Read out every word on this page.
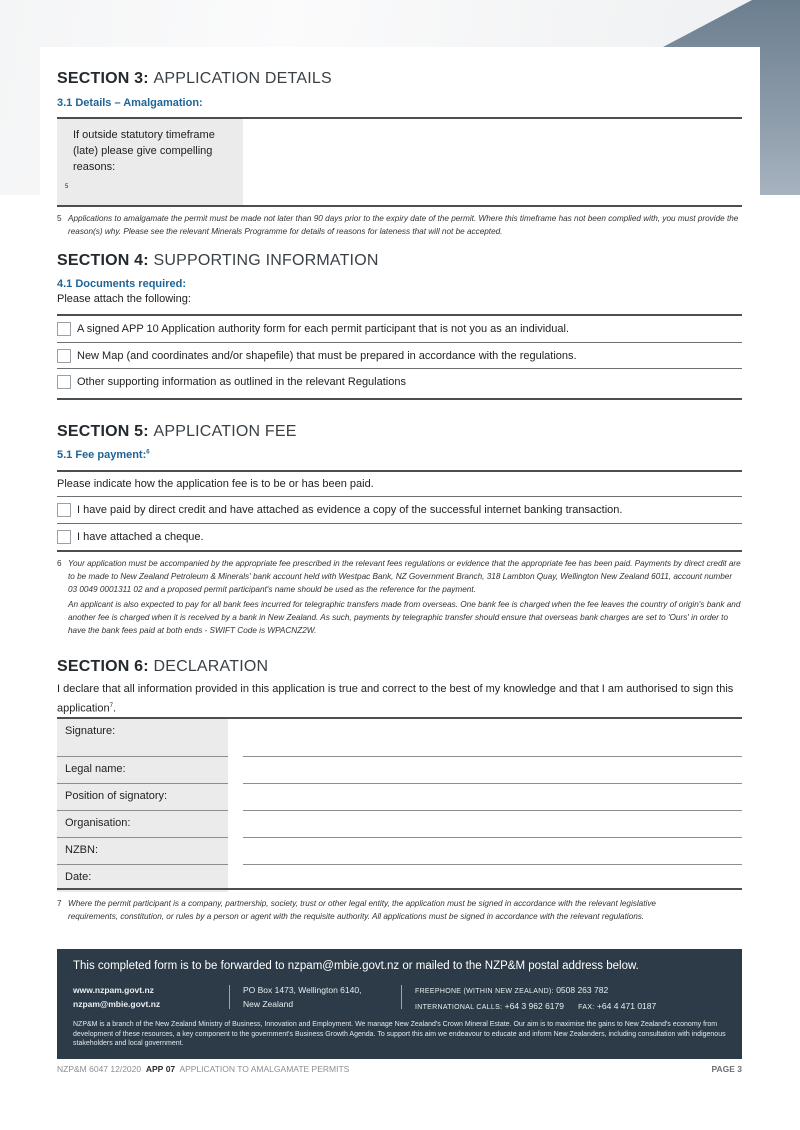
SECTION 3: APPLICATION DETAILS
3.1 Details – Amalgamation:
If outside statutory timeframe (late) please give compelling reasons:
$^5$
5 Applications to amalgamate the permit must be made not later than 90 days prior to the expiry date of the permit. Where this timeframe has not been complied with, you must provide the reason(s) why. Please see the relevant Minerals Programme for details of reasons for lateness that will not be accepted.
SECTION 4: SUPPORTING INFORMATION
4.1 Documents required:
Please attach the following:
A signed APP 10 Application authority form for each permit participant that is not you as an individual.
New Map (and coordinates and/or shapefile) that must be prepared in accordance with the regulations.
Other supporting information as outlined in the relevant Regulations
SECTION 5: APPLICATION FEE
5.1 Fee payment:$^6$
Please indicate how the application fee is to be or has been paid.
I have paid by direct credit and have attached as evidence a copy of the successful internet banking transaction.
I have attached a cheque.
6 Your application must be accompanied by the appropriate fee prescribed in the relevant fees regulations or evidence that the appropriate fee has been paid. Payments by direct credit are to be made to New Zealand Petroleum & Minerals' bank account held with Westpac Bank, NZ Government Branch, 318 Lambton Quay, Wellington New Zealand 6011, account number 03 0049 0001311 02 and a proposed permit participant's name should be used as the reference for the payment.
An applicant is also expected to pay for all bank fees incurred for telegraphic transfers made from overseas. One bank fee is charged when the fee leaves the country of origin's bank and another fee is charged when it is received by a bank in New Zealand. As such, payments by telegraphic transfer should ensure that overseas bank charges are set to 'Ours' in order to have the bank fees paid at both ends - SWIFT Code is WPACNZ2W.
SECTION 6: DECLARATION
I declare that all information provided in this application is true and correct to the best of my knowledge and that I am authorised to sign this application$^7$.
Signature:
Legal name:
Position of signatory:
Organisation:
NZBN:
Date:
7 Where the permit participant is a company, partnership, society, trust or other legal entity, the application must be signed in accordance with the relevant legislative requirements, constitution, or rules by a person or agent with the requisite authority. All applications must be signed in accordance with the relevant regulations.
This completed form is to be forwarded to nzpam@mbie.govt.nz or mailed to the NZP&M postal address below.
www.nzpam.govt.nz
nzpam@mbie.govt.nz
PO Box 1473, Wellington 6140,
New Zealand
FREEPHONE (WITHIN NEW ZEALAND): 0508 263 782
INTERNATIONAL CALLS: +64 3 962 6179 FAX: +64 4 471 0187
NZP&M is a branch of the New Zealand Ministry of Business, Innovation and Employment. We manage New Zealand's Crown Mineral Estate. Our aim is to maximise the gains to New Zealand's economy from development of these resources, a key component to the government's Business Growth Agenda. To support this aim we endeavour to educate and inform New Zealanders, including consultation with indigenous stakeholders and local government.
NZP&M 6047 12/2020 APP 07 APPLICATION TO AMALGAMATE PERMITS	PAGE 3
